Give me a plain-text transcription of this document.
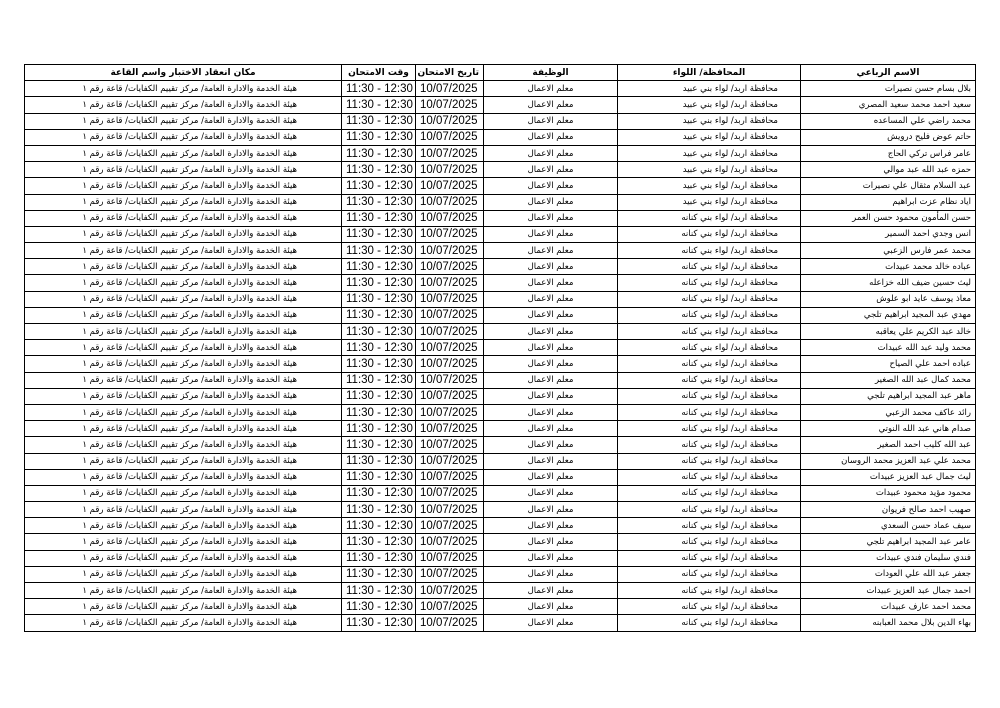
الاسم الرباعي	المحافظة/ اللواء	الوظيفة	تاريخ الامتحان	وقت الامتحان	مكان انعقاد الاختبار واسم القاعة
بلال بسام حسن نصيرات	محافظة اربد/ لواء بني عبيد	معلم الاعمال	10/07/2025	11:30 - 12:30	هيئة الخدمة والادارة العامة/ مركز تقييم الكفايات/ قاعة رقم ١
سعيد احمد محمد سعيد المصري	محافظة اربد/ لواء بني عبيد	معلم الاعمال	10/07/2025	11:30 - 12:30	هيئة الخدمة والادارة العامة/ مركز تقييم الكفايات/ قاعة رقم ١
محمد راضي علي المساعده	محافظة اربد/ لواء بني عبيد	معلم الاعمال	10/07/2025	11:30 - 12:30	هيئة الخدمة والادارة العامة/ مركز تقييم الكفايات/ قاعة رقم ١
حاتم عوض فليح درويش	محافظة اربد/ لواء بني عبيد	معلم الاعمال	10/07/2025	11:30 - 12:30	هيئة الخدمة والادارة العامة/ مركز تقييم الكفايات/ قاعة رقم ١
عامر فراس تركي الحاج	محافظة اربد/ لواء بني عبيد	معلم الاعمال	10/07/2025	11:30 - 12:30	هيئة الخدمة والادارة العامة/ مركز تقييم الكفايات/ قاعة رقم ١
حمزه عبد الله عبد موالي	محافظة اربد/ لواء بني عبيد	معلم الاعمال	10/07/2025	11:30 - 12:30	هيئة الخدمة والادارة العامة/ مركز تقييم الكفايات/ قاعة رقم ١
عبد السلام مثقال علي نصيرات	محافظة اربد/ لواء بني عبيد	معلم الاعمال	10/07/2025	11:30 - 12:30	هيئة الخدمة والادارة العامة/ مركز تقييم الكفايات/ قاعة رقم ١
اياد نظام عزت ابراهيم	محافظة اربد/ لواء بني عبيد	معلم الاعمال	10/07/2025	11:30 - 12:30	هيئة الخدمة والادارة العامة/ مركز تقييم الكفايات/ قاعة رقم ١
حسن المأمون محمود حسن العمر	محافظة اربد/ لواء بني كنانه	معلم الاعمال	10/07/2025	11:30 - 12:30	هيئة الخدمة والادارة العامة/ مركز تقييم الكفايات/ قاعة رقم ١
انس وجدي احمد السمير	محافظة اربد/ لواء بني كنانه	معلم الاعمال	10/07/2025	11:30 - 12:30	هيئة الخدمة والادارة العامة/ مركز تقييم الكفايات/ قاعة رقم ١
محمد عمر فارس الزعبي	محافظة اربد/ لواء بني كنانه	معلم الاعمال	10/07/2025	11:30 - 12:30	هيئة الخدمة والادارة العامة/ مركز تقييم الكفايات/ قاعة رقم ١
عباده خالد محمد عبيدات	محافظة اربد/ لواء بني كنانه	معلم الاعمال	10/07/2025	11:30 - 12:30	هيئة الخدمة والادارة العامة/ مركز تقييم الكفايات/ قاعة رقم ١
ليث حسين ضيف الله خزاعله	محافظة اربد/ لواء بني كنانه	معلم الاعمال	10/07/2025	11:30 - 12:30	هيئة الخدمة والادارة العامة/ مركز تقييم الكفايات/ قاعة رقم ١
معاذ يوسف عايد ابو علوش	محافظة اربد/ لواء بني كنانه	معلم الاعمال	10/07/2025	11:30 - 12:30	هيئة الخدمة والادارة العامة/ مركز تقييم الكفايات/ قاعة رقم ١
مهدي عبد المجيد ابراهيم تلجي	محافظة اربد/ لواء بني كنانه	معلم الاعمال	10/07/2025	11:30 - 12:30	هيئة الخدمة والادارة العامة/ مركز تقييم الكفايات/ قاعة رقم ١
خالد عبد الكريم علي يعاقبه	محافظة اربد/ لواء بني كنانه	معلم الاعمال	10/07/2025	11:30 - 12:30	هيئة الخدمة والادارة العامة/ مركز تقييم الكفايات/ قاعة رقم ١
محمد وليد عبد الله عبيدات	محافظة اربد/ لواء بني كنانه	معلم الاعمال	10/07/2025	11:30 - 12:30	هيئة الخدمة والادارة العامة/ مركز تقييم الكفايات/ قاعة رقم ١
عباده احمد علي الصياح	محافظة اربد/ لواء بني كنانه	معلم الاعمال	10/07/2025	11:30 - 12:30	هيئة الخدمة والادارة العامة/ مركز تقييم الكفايات/ قاعة رقم ١
محمد كمال عبد الله الصغير	محافظة اربد/ لواء بني كنانه	معلم الاعمال	10/07/2025	11:30 - 12:30	هيئة الخدمة والادارة العامة/ مركز تقييم الكفايات/ قاعة رقم ١
ماهر عبد المجيد ابراهيم تلجي	محافظة اربد/ لواء بني كنانه	معلم الاعمال	10/07/2025	11:30 - 12:30	هيئة الخدمة والادارة العامة/ مركز تقييم الكفايات/ قاعة رقم ١
رائد عاكف محمد الزعبي	محافظة اربد/ لواء بني كنانه	معلم الاعمال	10/07/2025	11:30 - 12:30	هيئة الخدمة والادارة العامة/ مركز تقييم الكفايات/ قاعة رقم ١
صدام هاني عبد الله النوتي	محافظة اربد/ لواء بني كنانه	معلم الاعمال	10/07/2025	11:30 - 12:30	هيئة الخدمة والادارة العامة/ مركز تقييم الكفايات/ قاعة رقم ١
عبد الله كليب احمد الصغير	محافظة اربد/ لواء بني كنانه	معلم الاعمال	10/07/2025	11:30 - 12:30	هيئة الخدمة والادارة العامة/ مركز تقييم الكفايات/ قاعة رقم ١
محمد علي عبد العزيز محمد الروسان	محافظة اربد/ لواء بني كنانه	معلم الاعمال	10/07/2025	11:30 - 12:30	هيئة الخدمة والادارة العامة/ مركز تقييم الكفايات/ قاعة رقم ١
ليث جمال عبد العزيز عبيدات	محافظة اربد/ لواء بني كنانه	معلم الاعمال	10/07/2025	11:30 - 12:30	هيئة الخدمة والادارة العامة/ مركز تقييم الكفايات/ قاعة رقم ١
محمود مؤيد محمود عبيدات	محافظة اربد/ لواء بني كنانه	معلم الاعمال	10/07/2025	11:30 - 12:30	هيئة الخدمة والادارة العامة/ مركز تقييم الكفايات/ قاعة رقم ١
صهيب احمد صالح فريوان	محافظة اربد/ لواء بني كنانه	معلم الاعمال	10/07/2025	11:30 - 12:30	هيئة الخدمة والادارة العامة/ مركز تقييم الكفايات/ قاعة رقم ١
سيف عماد حسن السعدي	محافظة اربد/ لواء بني كنانه	معلم الاعمال	10/07/2025	11:30 - 12:30	هيئة الخدمة والادارة العامة/ مركز تقييم الكفايات/ قاعة رقم ١
عامر عبد المجيد ابراهيم تلجي	محافظة اربد/ لواء بني كنانه	معلم الاعمال	10/07/2025	11:30 - 12:30	هيئة الخدمة والادارة العامة/ مركز تقييم الكفايات/ قاعة رقم ١
فندي سليمان فندي عبيدات	محافظة اربد/ لواء بني كنانه	معلم الاعمال	10/07/2025	11:30 - 12:30	هيئة الخدمة والادارة العامة/ مركز تقييم الكفايات/ قاعة رقم ١
جعفر عبد الله علي العودات	محافظة اربد/ لواء بني كنانه	معلم الاعمال	10/07/2025	11:30 - 12:30	هيئة الخدمة والادارة العامة/ مركز تقييم الكفايات/ قاعة رقم ١
احمد جمال عبد العزيز عبيدات	محافظة اربد/ لواء بني كنانه	معلم الاعمال	10/07/2025	11:30 - 12:30	هيئة الخدمة والادارة العامة/ مركز تقييم الكفايات/ قاعة رقم ١
محمد احمد عارف عبيدات	محافظة اربد/ لواء بني كنانه	معلم الاعمال	10/07/2025	11:30 - 12:30	هيئة الخدمة والادارة العامة/ مركز تقييم الكفايات/ قاعة رقم ١
بهاء الدين بلال محمد العبابنه	محافظة اربد/ لواء بني كنانه	معلم الاعمال	10/07/2025	11:30 - 12:30	هيئة الخدمة والادارة العامة/ مركز تقييم الكفايات/ قاعة رقم ١
